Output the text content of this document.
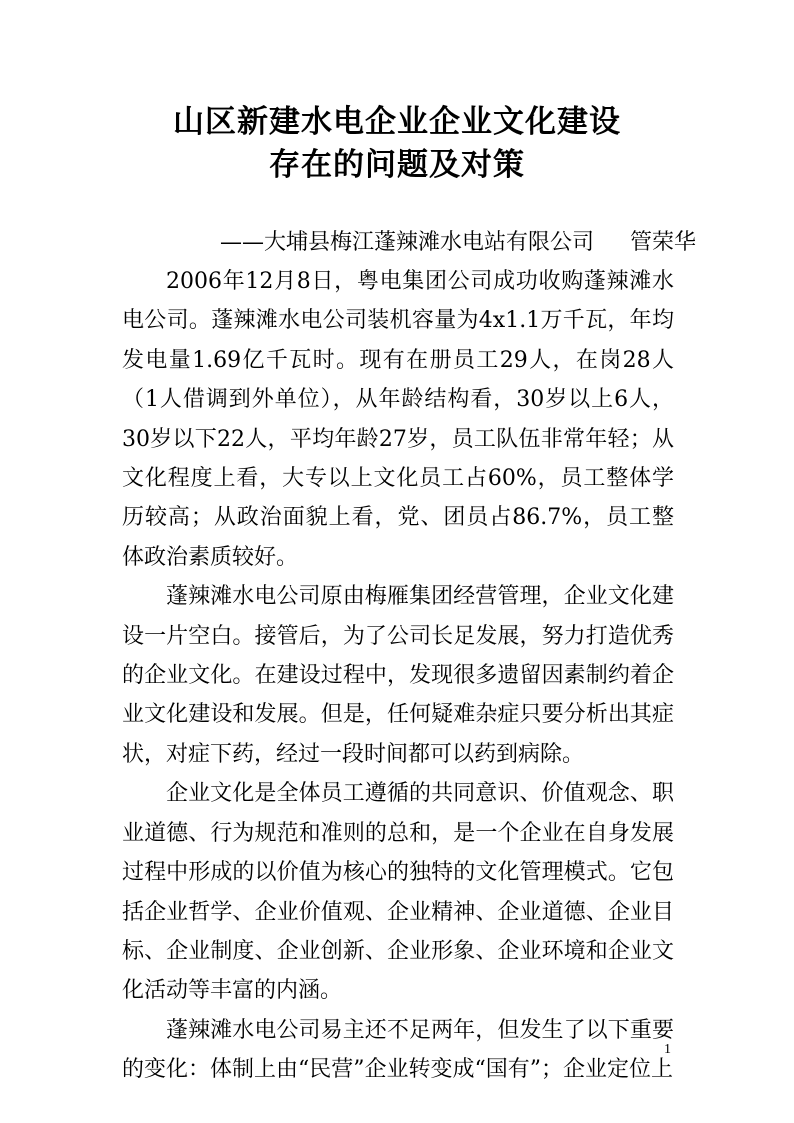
山区新建水电企业企业文化建设
存在的问题及对策
——大埔县梅江蓬辣滩水电站有限公司 管荣华

2006年12月8日，粤电集团公司成功收购蓬辣滩水电公司。蓬辣滩水电公司装机容量为4x1.1万千瓦，年均发电量1.69亿千瓦时。现有在册员工29人，在岗28人（1人借调到外单位），从年龄结构看，30岁以上6人，30岁以下22人，平均年龄27岁，员工队伍非常年轻；从文化程度上看，大专以上文化员工占60%，员工整体学历较高；从政治面貌上看，党、团员占86.7%，员工整体政治素质较好。

蓬辣滩水电公司原由梅雁集团经营管理，企业文化建设一片空白。接管后，为了公司长足发展，努力打造优秀的企业文化。在建设过程中，发现很多遗留因素制约着企业文化建设和发展。但是，任何疑难杂症只要分析出其症状，对症下药，经过一段时间都可以药到病除。

企业文化是全体员工遵循的共同意识、价值观念、职业道德、行为规范和准则的总和，是一个企业在自身发展过程中形成的以价值为核心的独特的文化管理模式。它包括企业哲学、企业价值观、企业精神、企业道德、企业目标、企业制度、企业创新、企业形象、企业环境和企业文化活动等丰富的内涵。

蓬辣滩水电公司易主还不足两年，但发生了以下重要的变化：体制上由“民营”企业转变成“国有”；企业定位上

1
